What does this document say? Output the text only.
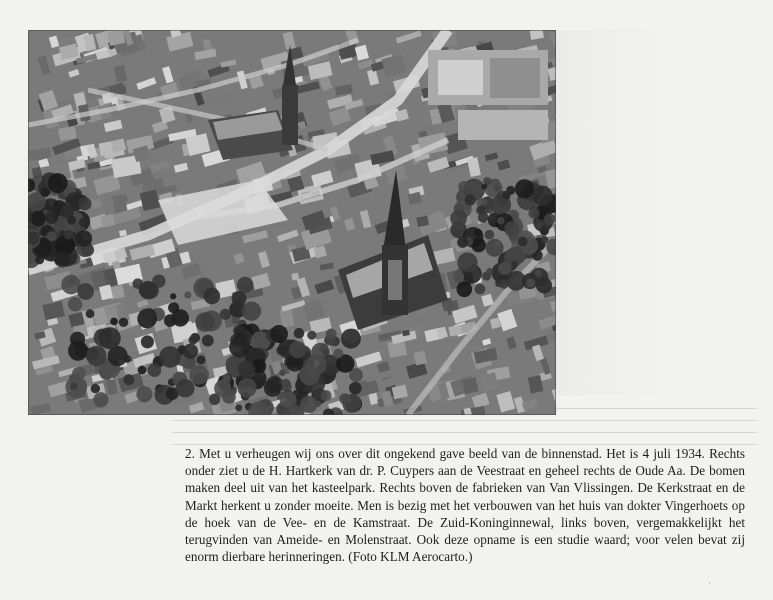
2. Met u verheugen wij ons over dit ongekend gave beeld van de binnenstad. Het is 4 juli 1934. Rechts onder ziet u de H. Hartkerk van dr. P. Cuypers aan de Veestraat en geheel rechts de Oude Aa. De bomen maken deel uit van het kasteelpark. Rechts boven de fabrieken van Van Vlissingen. De Kerkstraat en de Markt herkent u zonder moeite. Men is bezig met het verbouwen van het huis van dokter Vingerhoets op de hoek van de Vee- en de Kamstraat. De Zuid-Koninginnewal, links boven, vergemakkelijkt het terugvinden van Ameide- en Molenstraat. Ook deze opname is een studie waard; voor velen bevat zij enorm dierbare herinneringen. (Foto KLM Aerocarto.)

·
